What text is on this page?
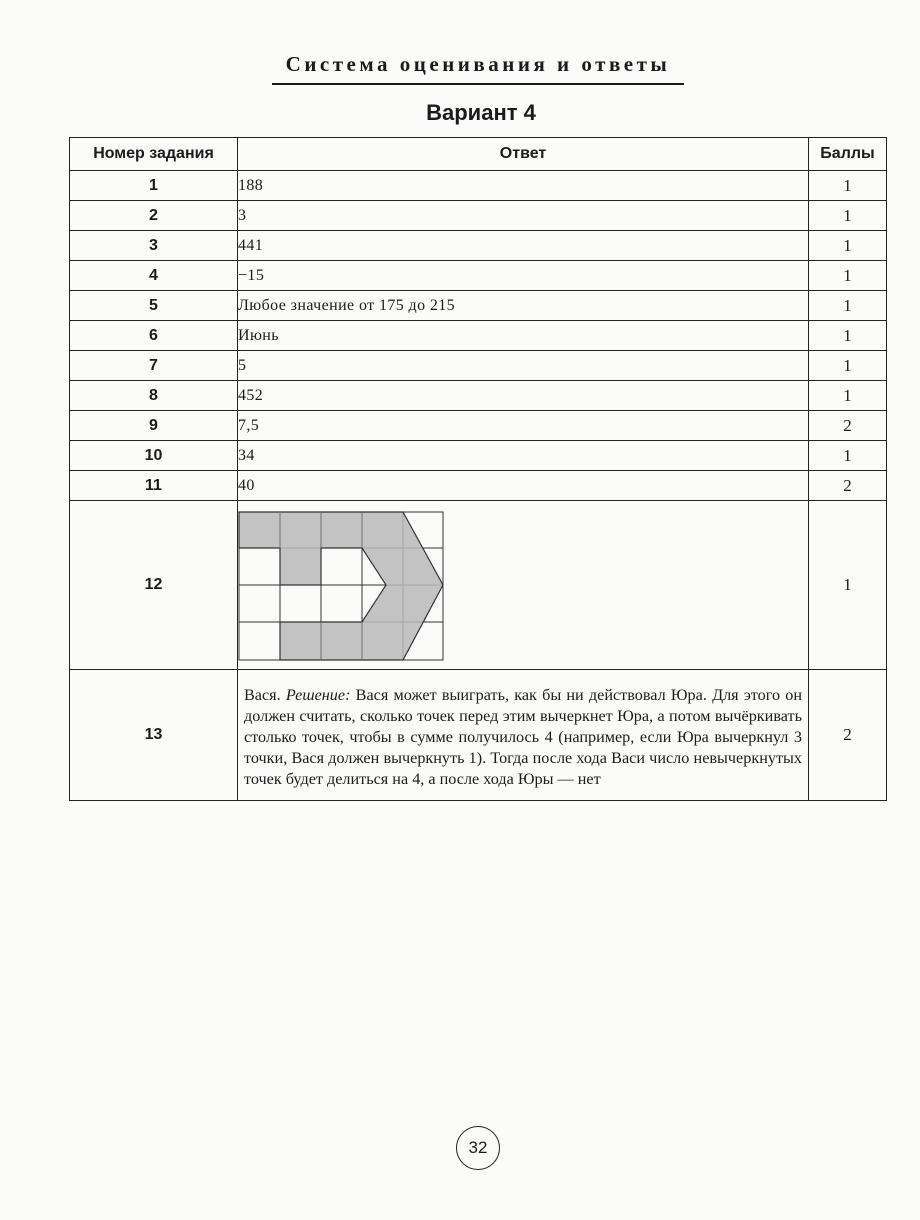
Система оценивания и ответы
Вариант 4
Номер задания	Ответ	Баллы
1	188	1
2	3	1
3	441	1
4	−15	1
5	Любое значение от 175 до 215	1
6	Июнь	1
7	5	1
8	452	1
9	7,5	2
10	34	1
11	40	2
12		1
13	Вася. Решение: Вася может выиграть, как бы ни действовал Юра. Для этого он должен считать, сколько точек перед этим вычеркнет Юра, а потом вычёркивать столько точек, чтобы в сумме получилось 4 (например, если Юра вычеркнул 3 точки, Вася должен вычеркнуть 1). Тогда после хода Васи число невычеркнутых точек будет делиться на 4, а после хода Юры — нет	2
32
